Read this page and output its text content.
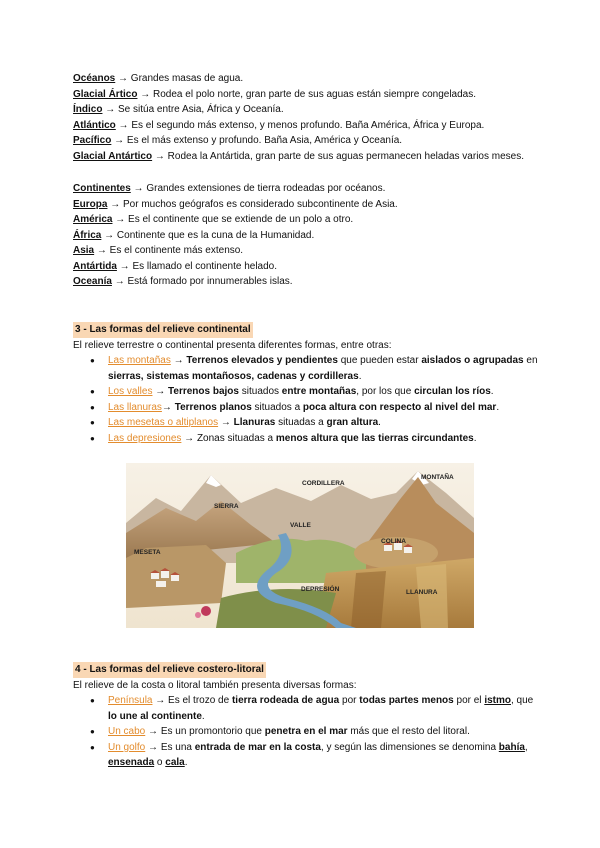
Océanos → Grandes masas de agua.
Glacial Ártico → Rodea el polo norte, gran parte de sus aguas están siempre congeladas.
Índico → Se sitúa entre Asia, África y Oceanía.
Atlántico → Es el segundo más extenso, y menos profundo. Baña América, África y Europa.
Pacífico → Es el más extenso y profundo. Baña Asia, América y Oceanía.
Glacial Antártico → Rodea la Antártida, gran parte de sus aguas permanecen heladas varios meses.
Continentes → Grandes extensiones de tierra rodeadas por océanos.
Europa → Por muchos geógrafos es considerado subcontinente de Asia.
América → Es el continente que se extiende de un polo a otro.
África → Continente que es la cuna de la Humanidad.
Asia → Es el continente más extenso.
Antártida → Es llamado el continente helado.
Oceanía → Está formado por innumerables islas.
3 - Las formas del relieve continental
El relieve terrestre o continental presenta diferentes formas, entre otras:
● Las montañas → Terrenos elevados y pendientes que pueden estar aislados o agrupadas en
sierras, sistemas montañosos, cadenas y cordilleras.
● Los valles → Terrenos bajos situados entre montañas, por los que circulan los ríos.
● Las llanuras→ Terrenos planos situados a poca altura con respecto al nivel del mar.
● Las mesetas o altiplanos → Llanuras situadas a gran altura.
● Las depresiones → Zonas situadas a menos altura que las tierras circundantes.
CORDILLERA
MONTAÑA
SIERRA
VALLE
COLINA
MESETA
DEPRESIÓN	LLANURA
4 - Las formas del relieve costero-litoral
El relieve de la costa o litoral también presenta diversas formas:
● Península → Es el trozo de tierra rodeada de agua por todas partes menos por el istmo, que
lo une al continente.
● Un cabo → Es un promontorio que penetra en el mar más que el resto del litoral.
● Un golfo → Es una entrada de mar en la costa, y según las dimensiones se denomina bahía,
ensenada o cala.
